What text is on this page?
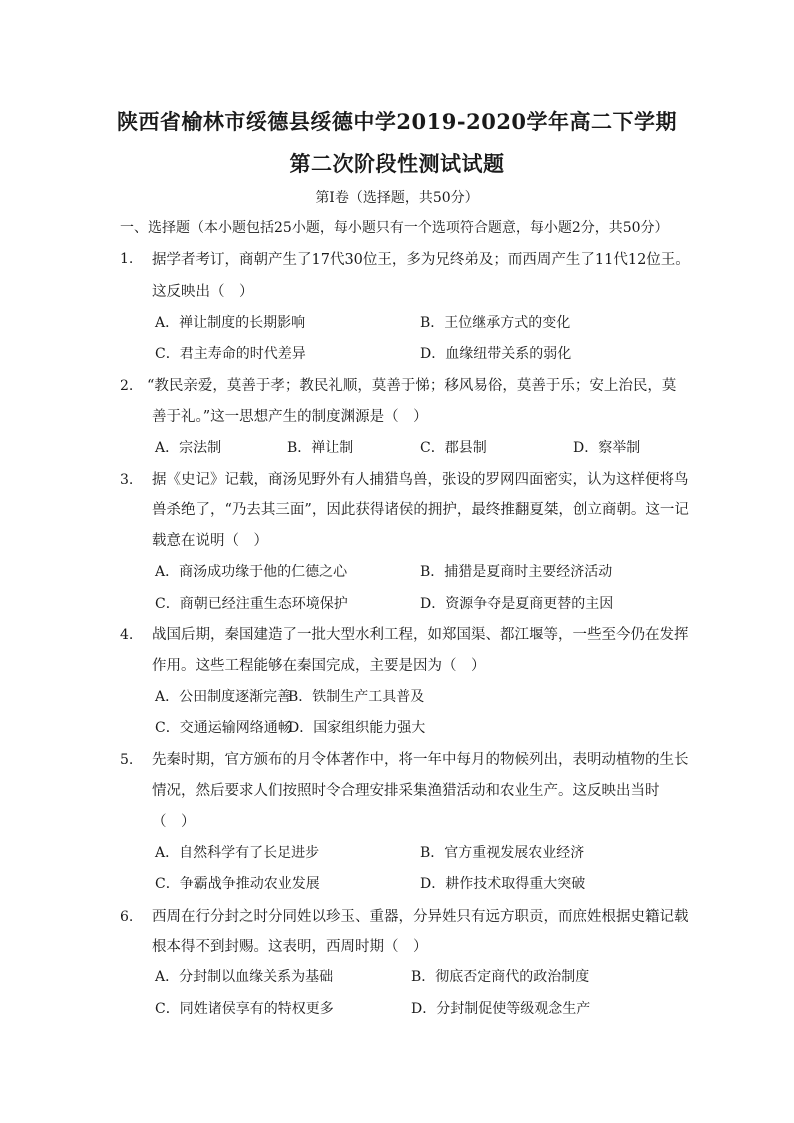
陕西省榆林市绥德县绥德中学2019-2020学年高二下学期
第二次阶段性测试试题
第I卷（选择题，共50分）
一、选择题（本小题包括25小题，每小题只有一个选项符合题意，每小题2分，共50分）
1. 据学者考订，商朝产生了17代30位王，多为兄终弟及；而西周产生了11代12位王。
这反映出（　）
A．禅让制度的长期影响	B．王位继承方式的变化
C．君主寿命的时代差异	D．血缘纽带关系的弱化
2. “教民亲爱，莫善于孝；教民礼顺，莫善于悌；移风易俗，莫善于乐；安上治民，莫
善于礼。”这一思想产生的制度渊源是（　）
A．宗法制	B．禅让制	C．郡县制	D．察举制
3. 据《史记》记载，商汤见野外有人捕猎鸟兽，张设的罗网四面密实，认为这样便将鸟
兽杀绝了，“乃去其三面”，因此获得诸侯的拥护，最终推翻夏桀，创立商朝。这一记
载意在说明（　）
A．商汤成功缘于他的仁德之心	B．捕猎是夏商时主要经济活动
C．商朝已经注重生态环境保护	D．资源争夺是夏商更替的主因
4. 战国后期，秦国建造了一批大型水利工程，如郑国渠、都江堰等，一些至今仍在发挥
作用。这些工程能够在秦国完成，主要是因为（　）
A．公田制度逐渐完善
B．铁制生产工具普及
C．交通运输网络通畅
D．国家组织能力强大
5. 先秦时期，官方颁布的月令体著作中，将一年中每月的物候列出，表明动植物的生长
情况，然后要求人们按照时令合理安排采集渔猎活动和农业生产。这反映出当时
（　）
A．自然科学有了长足进步	B．官方重视发展农业经济
C．争霸战争推动农业发展	D．耕作技术取得重大突破
6. 西周在行分封之时分同姓以珍玉、重器，分异姓只有远方职贡，而庶姓根据史籍记载
根本得不到封赐。这表明，西周时期（　）
A．分封制以血缘关系为基础	B．彻底否定商代的政治制度
C．同姓诸侯享有的特权更多	D．分封制促使等级观念生产
